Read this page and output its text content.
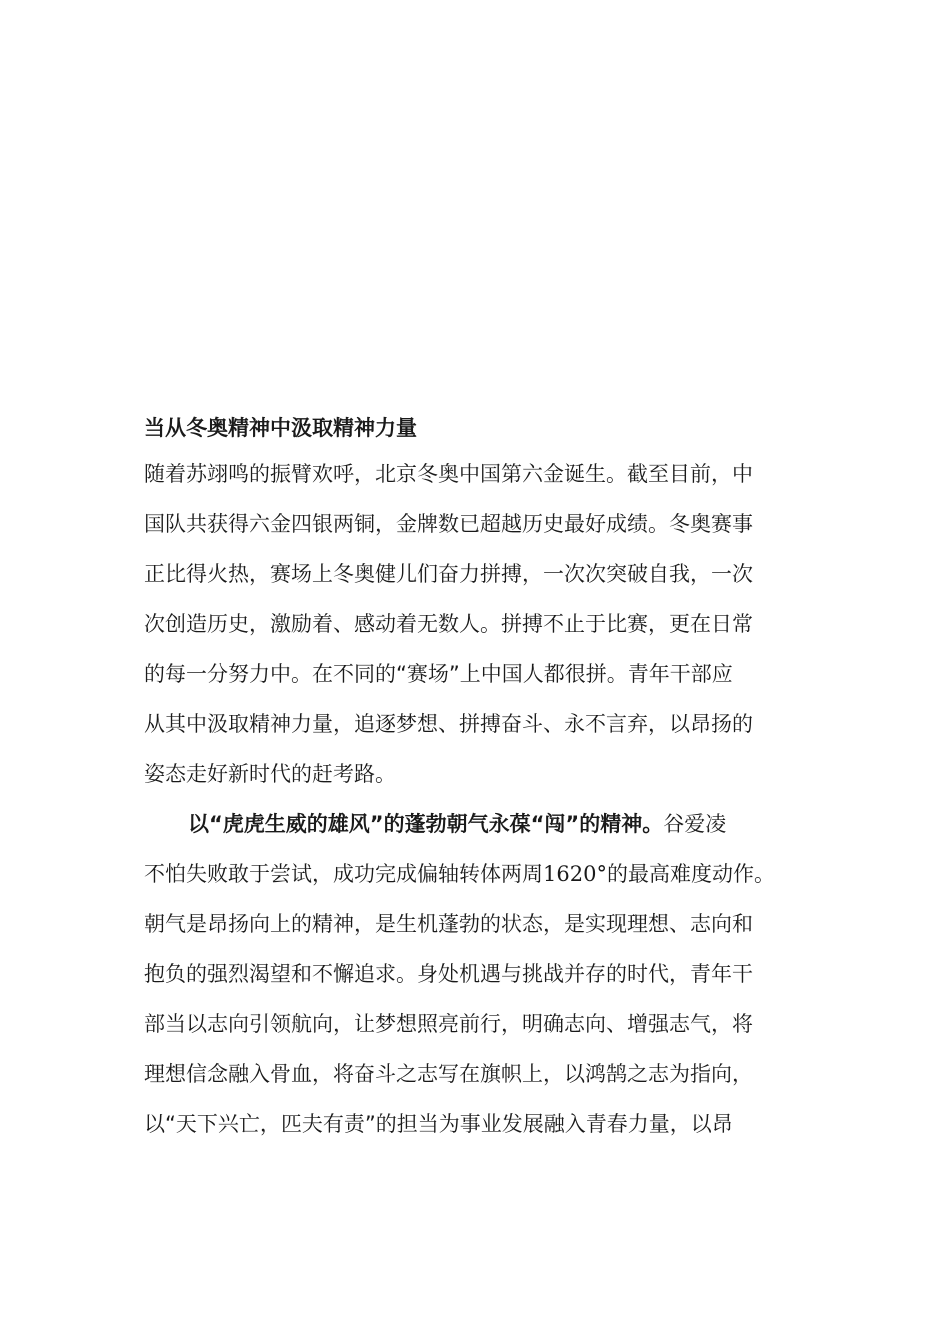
当从冬奥精神中汲取精神力量
随着苏翊鸣的振臂欢呼，北京冬奥中国第六金诞生。截至目前，中
国队共获得六金四银两铜，金牌数已超越历史最好成绩。冬奥赛事
正比得火热，赛场上冬奥健儿们奋力拼搏，一次次突破自我，一次
次创造历史，激励着、感动着无数人。拼搏不止于比赛，更在日常
的每一分努力中。在不同的“赛场”上中国人都很拼。青年干部应
从其中汲取精神力量，追逐梦想、拼搏奋斗、永不言弃，以昂扬的
姿态走好新时代的赶考路。
以“虎虎生威的雄风”的蓬勃朝气永葆“闯”的精神。谷爱凌
不怕失败敢于尝试，成功完成偏轴转体两周1620°的最高难度动作。
朝气是昂扬向上的精神，是生机蓬勃的状态，是实现理想、志向和
抱负的强烈渴望和不懈追求。身处机遇与挑战并存的时代，青年干
部当以志向引领航向，让梦想照亮前行，明确志向、增强志气，将
理想信念融入骨血，将奋斗之志写在旗帜上，以鸿鹄之志为指向，
以“天下兴亡，匹夫有责”的担当为事业发展融入青春力量，以昂
